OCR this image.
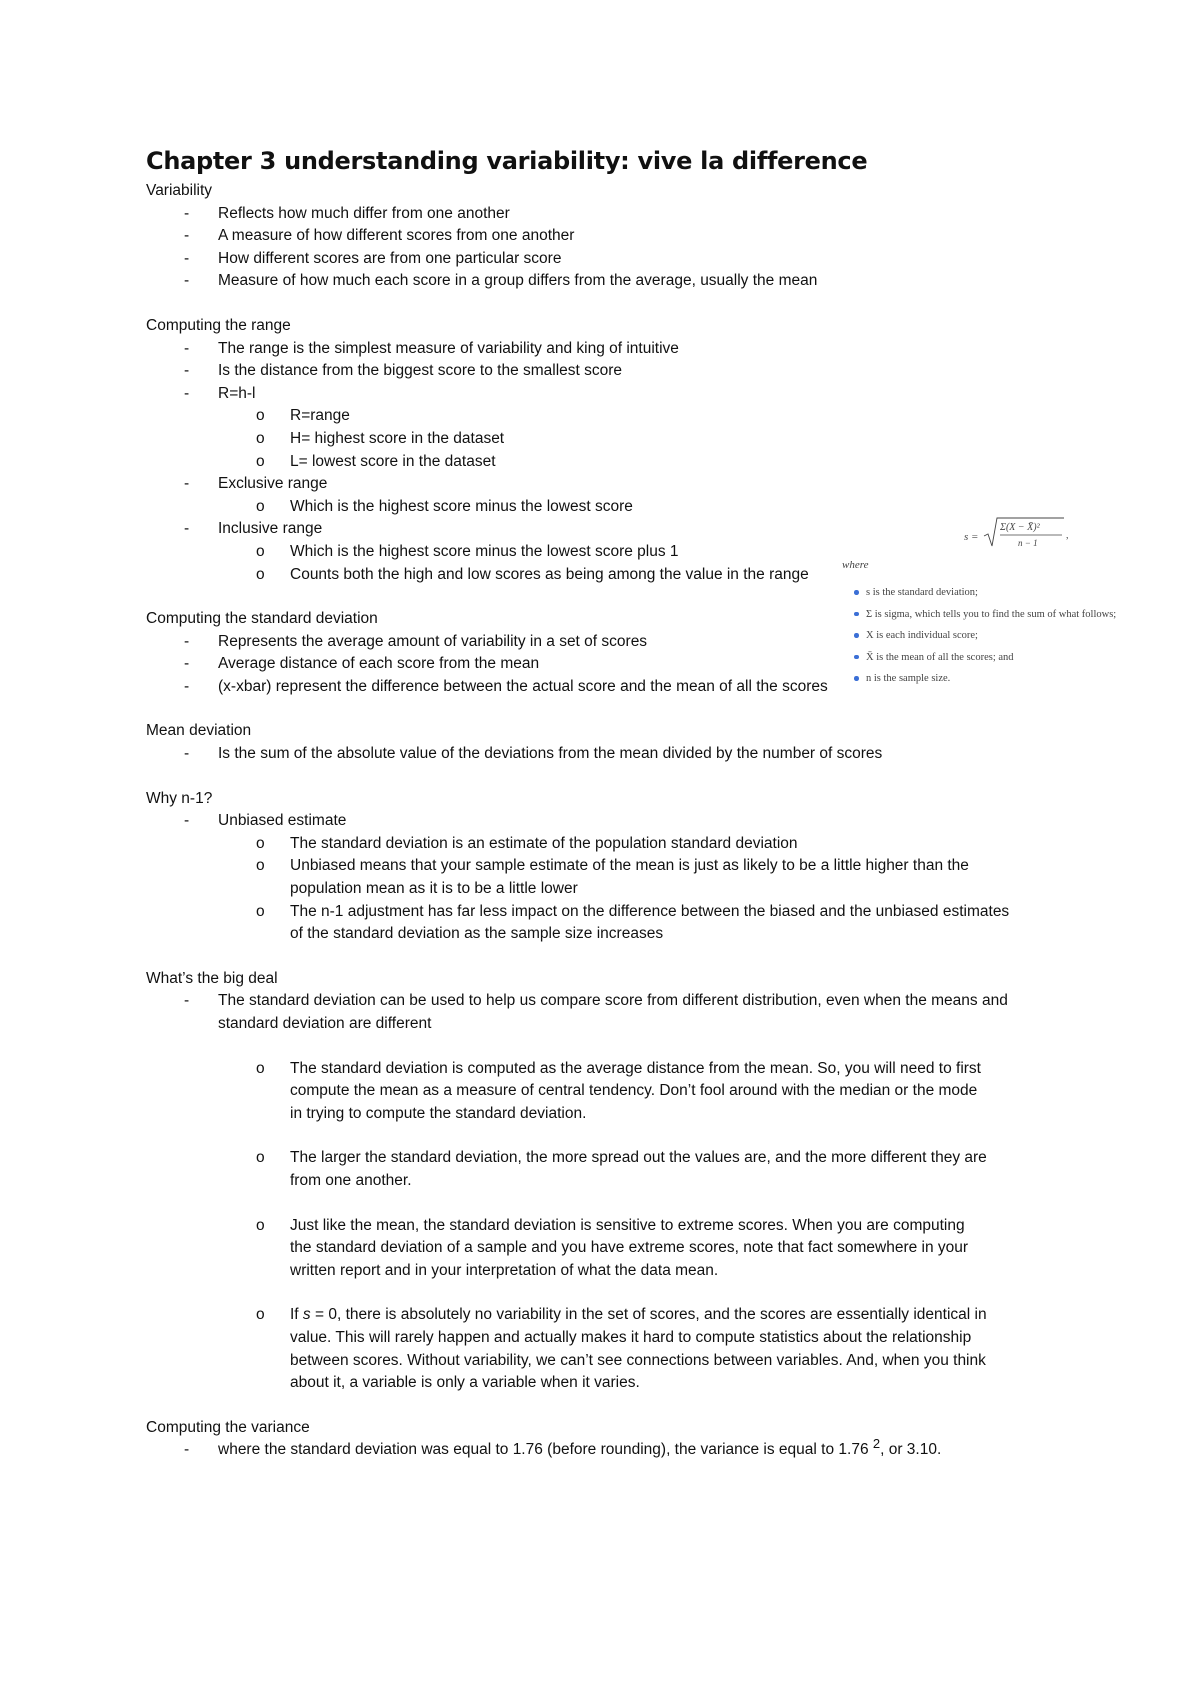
Chapter 3 understanding variability: vive la difference
Variability
- Reflects how much differ from one another
- A measure of how different scores from one another
- How different scores are from one particular score
- Measure of how much each score in a group differs from the average, usually the mean
Computing the range
- The range is the simplest measure of variability and king of intuitive
- Is the distance from the biggest score to the smallest score
- R=h-l
o R=range
o H= highest score in the dataset
o L= lowest score in the dataset
- Exclusive range
o Which is the highest score minus the lowest score
- Inclusive range
o Which is the highest score minus the lowest score plus 1
o Counts both the high and low scores as being among the value in the range
Computing the standard deviation
- Represents the average amount of variability in a set of scores
- Average distance of each score from the mean
- (x-xbar) represent the difference between the actual score and the mean of all the scores
Mean deviation
- Is the sum of the absolute value of the deviations from the mean divided by the number of scores
Why n-1?
- Unbiased estimate
o The standard deviation is an estimate of the population standard deviation
o Unbiased means that your sample estimate of the mean is just as likely to be a little higher than the population mean as it is to be a little lower
o The n-1 adjustment has far less impact on the difference between the biased and the unbiased estimates of the standard deviation as the sample size increases
What’s the big deal
- The standard deviation can be used to help us compare score from different distribution, even when the means and standard deviation are different
o The standard deviation is computed as the average distance from the mean. So, you will need to first compute the mean as a measure of central tendency. Don’t fool around with the median or the mode in trying to compute the standard deviation.
o The larger the standard deviation, the more spread out the values are, and the more different they are from one another.
o Just like the mean, the standard deviation is sensitive to extreme scores. When you are computing the standard deviation of a sample and you have extreme scores, note that fact somewhere in your written report and in your interpretation of what the data mean.
o If s = 0, there is absolutely no variability in the set of scores, and the scores are essentially identical in value. This will rarely happen and actually makes it hard to compute statistics about the relationship between scores. Without variability, we can’t see connections between variables. And, when you think about it, a variable is only a variable when it varies.
Computing the variance
- where the standard deviation was equal to 1.76 (before rounding), the variance is equal to 1.76 $^2$, or 3.10.
s =
Σ(X − X̄)²
n − 1
,
where
s is the standard deviation;
Σ is sigma, which tells you to find the sum of what follows;
X is each individual score;
X̄ is the mean of all the scores; and
n is the sample size.
